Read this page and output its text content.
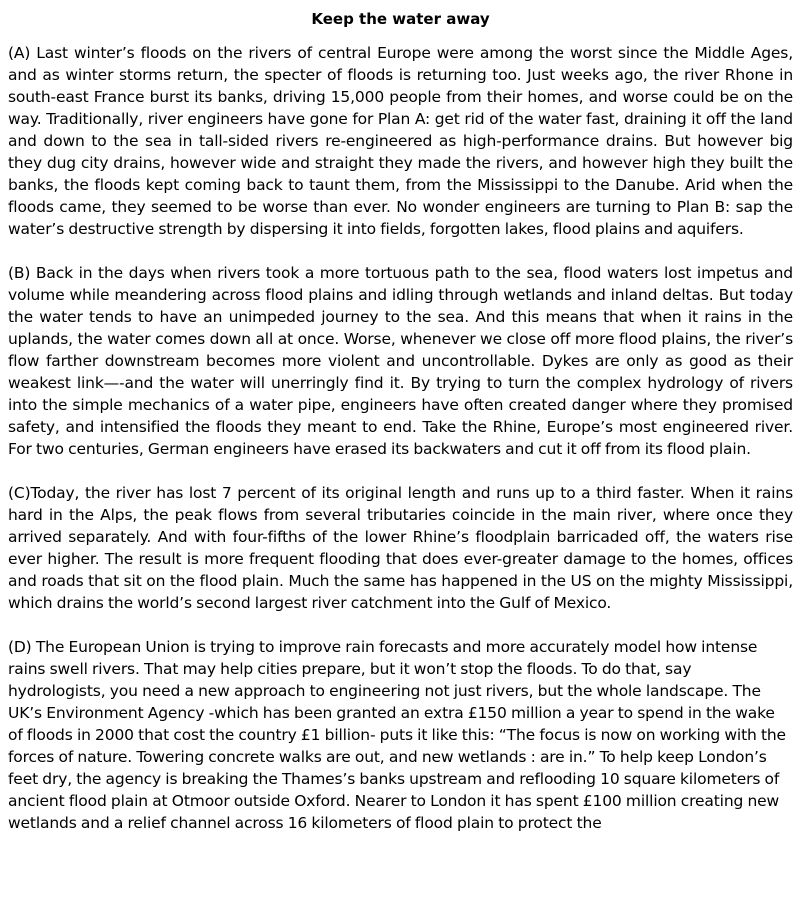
Keep the water away

(A) Last winter’s floods on the rivers of central Europe were among the worst since the Middle Ages, and as winter storms return, the specter of floods is returning too. Just weeks ago, the river Rhone in south-east France burst its banks, driving 15,000 people from their homes, and worse could be on the way. Traditionally, river engineers have gone for Plan A: get rid of the water fast, draining it off the land and down to the sea in tall-sided rivers re-engineered as high-performance drains. But however big they dug city drains, however wide and straight they made the rivers, and however high they built the banks, the floods kept coming back to taunt them, from the Mississippi to the Danube. Arid when the floods came, they seemed to be worse than ever. No wonder engineers are turning to Plan B: sap the water’s destructive strength by dispersing it into fields, forgotten lakes, flood plains and aquifers.

(B) Back in the days when rivers took a more tortuous path to the sea, flood waters lost impetus and volume while meandering across flood plains and idling through wetlands and inland deltas. But today the water tends to have an unimpeded journey to the sea. And this means that when it rains in the uplands, the water comes down all at once. Worse, whenever we close off more flood plains, the river’s flow farther downstream becomes more violent and uncontrollable. Dykes are only as good as their weakest link—-and the water will unerringly find it. By trying to turn the complex hydrology of rivers into the simple mechanics of a water pipe, engineers have often created danger where they promised safety, and intensified the floods they meant to end. Take the Rhine, Europe’s most engineered river. For two centuries, German engineers have erased its backwaters and cut it off from its flood plain.

(C)Today, the river has lost 7 percent of its original length and runs up to a third faster. When it rains hard in the Alps, the peak flows from several tributaries coincide in the main river, where once they arrived separately. And with four-fifths of the lower Rhine’s floodplain barricaded off, the waters rise ever higher. The result is more frequent flooding that does ever-greater damage to the homes, offices and roads that sit on the flood plain. Much the same has happened in the US on the mighty Mississippi, which drains the world’s second largest river catchment into the Gulf of Mexico.

(D) The European Union is trying to improve rain forecasts and more accurately model how intense rains swell rivers. That may help cities prepare, but it won’t stop the floods. To do that, say hydrologists, you need a new approach to engineering not just rivers, but the whole landscape. The UK’s Environment Agency -which has been granted an extra £150 million a year to spend in the wake of floods in 2000 that cost the country £1 billion- puts it like this: “The focus is now on working with the forces of nature. Towering concrete walks are out, and new wetlands : are in.” To help keep London’s feet dry, the agency is breaking the Thames’s banks upstream and reflooding 10 square kilometers of ancient flood plain at Otmoor outside Oxford. Nearer to London it has spent £100 million creating new wetlands and a relief channel across 16 kilometers of flood plain to protect the
